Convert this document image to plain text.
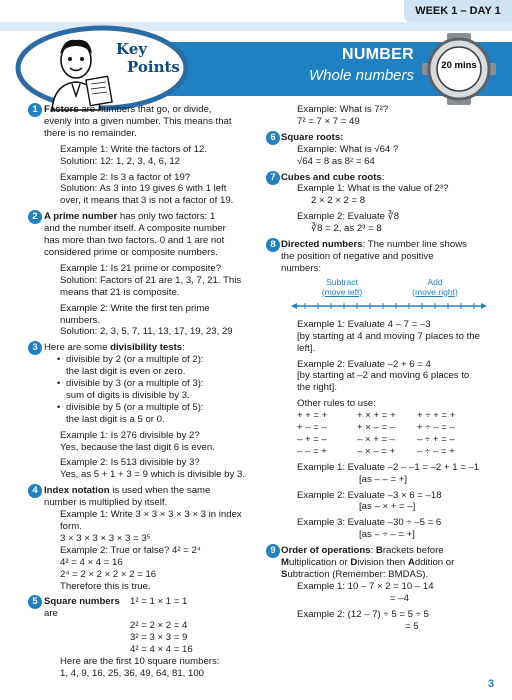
WEEK 1 – DAY 1
NUMBER
Whole numbers
20 mins
Key
Points
1 Factors are numbers that go, or divide,
evenly into a given number. This means that
there is no remainder.
Example 1: Write the factors of 12.
Solution: 12: 1, 2, 3, 4, 6, 12
Example 2: Is 3 a factor of 19?
Solution: As 3 into 19 gives 6 with 1 left
over, it means that 3 is not a factor of 19.
2 A prime number has only two factors: 1
and the number itself. A composite number
has more than two factors. 0 and 1 are not
considered prime or composite numbers.
Example 1: Is 21 prime or composite?
Solution: Factors of 21 are 1, 3, 7, 21. This
means that 21 is composite.
Example 2: Write the first ten prime
numbers.
Solution: 2, 3, 5, 7, 11, 13, 17, 19, 23, 29
3 Here are some divisibility tests:
• divisible by 2 (or a multiple of 2):
the last digit is even or zero.
• divisible by 3 (or a multiple of 3):
sum of digits is divisible by 3.
• divisible by 5 (or a multiple of 5):
the last digit is a 5 or 0.
Example 1: Is 276 divisible by 2?
Yes, because the last digit 6 is even.
Example 2: Is 513 divisible by 3?
Yes, as 5 + 1 + 3 = 9 which is divisible by 3.
4 Index notation is used when the same
number is multiplied by itself.
Example 1: Write 3 × 3 × 3 × 3 × 3 in index
form.
3 × 3 × 3 × 3 × 3 = 3⁵
Example 2: True or false? 4² = 2⁴
4² = 4 × 4 = 16
2⁴ = 2 × 2 × 2 × 2 = 16
Therefore this is true.
5 Square numbers are
1² = 1 × 1 = 1
2² = 2 × 2 = 4
3² = 3 × 3 = 9
4² = 4 × 4 = 16
Here are the first 10 square numbers:
1, 4, 9, 16, 25, 36, 49, 64, 81, 100
Example: What is 7²?
7² = 7 × 7 = 49
6 Square roots:
Example: What is √64 ?
√64 = 8 as 8² = 64
7 Cubes and cube roots:
Example 1: What is the value of 2³?
2 × 2 × 2 = 8
Example 2: Evaluate ∛8
∛8 = 2, as 2³ = 8
8 Directed numbers: The number line shows
the position of negative and positive
numbers:
Subtract
(move left)
Add
(move right)
Example 1: Evaluate 4 – 7 = –3
[by starting at 4 and moving 7 places to the
left].
Example 2: Evaluate –2 + 6 = 4
[by starting at –2 and moving 6 places to
the right].
Other rules to use:
+ + = +	+ × + = +	+ ÷ + = +
+ – = –	+ × – = –	+ ÷ – = –
– + = –	– × + = –	– ÷ + = –
– – = +	– × – = +	– ÷ – = +
Example 1: Evaluate –2 – –1 = –2 + 1 = –1
[as – – = +]
Example 2: Evaluate –3 × 6 = –18
[as – × + = –]
Example 3: Evaluate –30 ÷ –5 = 6
[as – ÷ – = +]
9 Order of operations: Brackets before
Multiplication or Division then Addition or
Subtraction (Remember: BMDAS).
Example 1: 10 – 7 × 2 = 10 – 14
= –4
Example 2: (12 – 7) ÷ 5 = 5 ÷ 5
= 5
3
